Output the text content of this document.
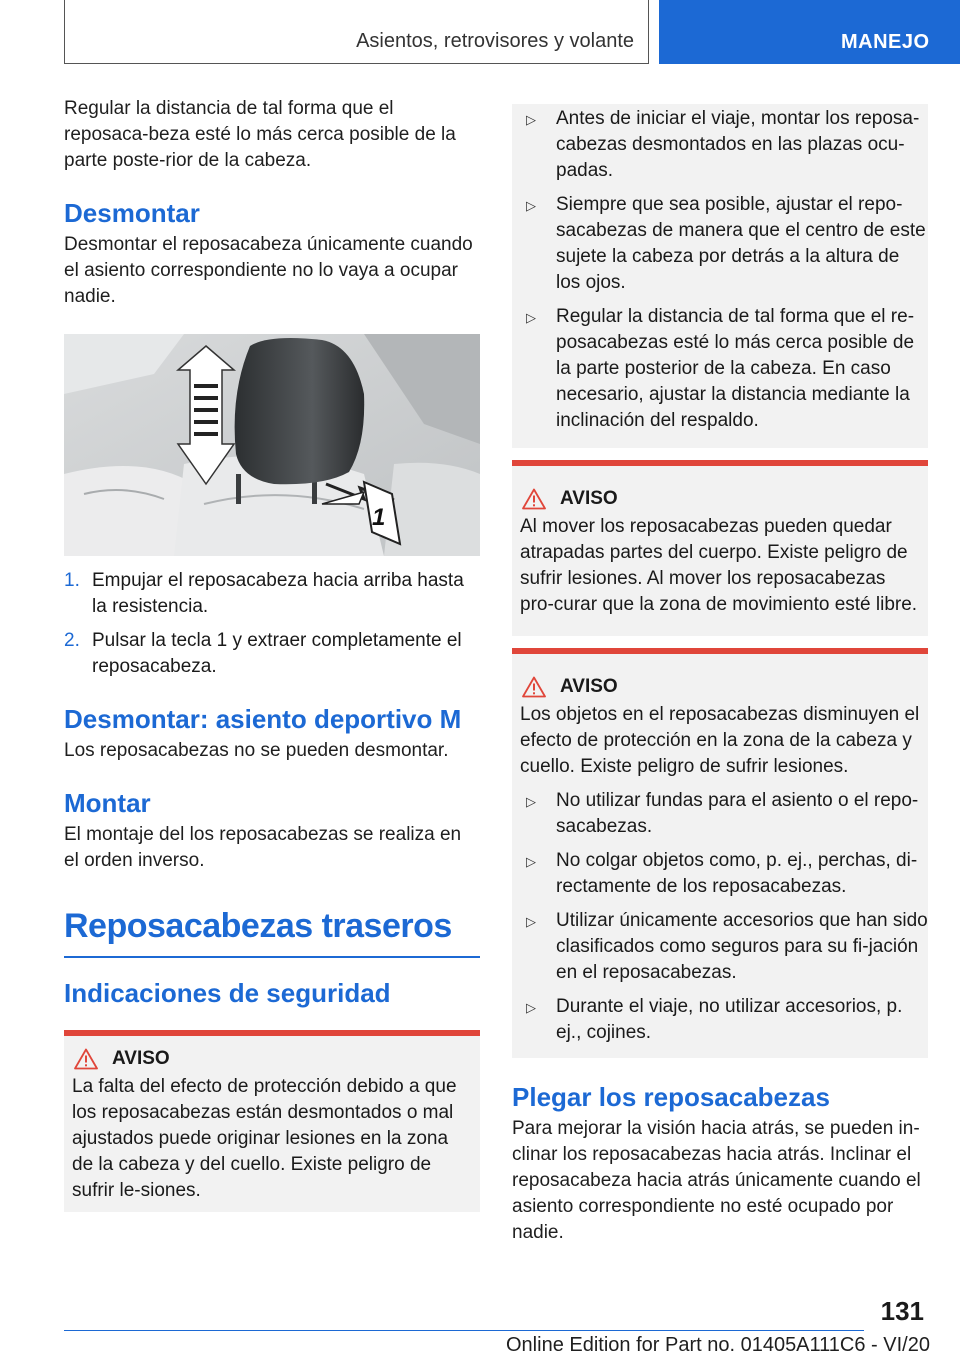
Asientos, retrovisores y volante	MANEJO
Regular la distancia de tal forma que el reposaca-beza esté lo más cerca posible de la parte poste-rior de la cabeza.
Desmontar
Desmontar el reposacabeza únicamente cuando el asiento correspondiente no lo vaya a ocupar nadie.
1
1. Empujar el reposacabeza hacia arriba hasta la resistencia.
2. Pulsar la tecla 1 y extraer completamente el reposacabeza.
Desmontar: asiento deportivo M
Los reposacabezas no se pueden desmontar.
Montar
El montaje del los reposacabezas se realiza en el orden inverso.
Reposacabezas traseros
Indicaciones de seguridad
AVISO
La falta del efecto de protección debido a que los reposacabezas están desmontados o mal ajustados puede originar lesiones en la zona de la cabeza y del cuello. Existe peligro de sufrir le-siones.
▷	Antes de iniciar el viaje, montar los reposa-cabezas desmontados en las plazas ocu-padas.
▷	Siempre que sea posible, ajustar el repo-sacabezas de manera que el centro de este sujete la cabeza por detrás a la altura de los ojos.
▷	Regular la distancia de tal forma que el re-posacabezas esté lo más cerca posible de la parte posterior de la cabeza. En caso necesario, ajustar la distancia mediante la inclinación del respaldo.
AVISO
Al mover los reposacabezas pueden quedar atrapadas partes del cuerpo. Existe peligro de sufrir lesiones. Al mover los reposacabezas pro-curar que la zona de movimiento esté libre.
AVISO
Los objetos en el reposacabezas disminuyen el efecto de protección en la zona de la cabeza y cuello. Existe peligro de sufrir lesiones.
▷	No utilizar fundas para el asiento o el repo-sacabezas.
▷	No colgar objetos como, p. ej., perchas, di-rectamente de los reposacabezas.
▷	Utilizar únicamente accesorios que han sido clasificados como seguros para su fi-jación en el reposacabezas.
▷	Durante el viaje, no utilizar accesorios, p. ej., cojines.
Plegar los reposacabezas
Para mejorar la visión hacia atrás, se pueden in-clinar los reposacabezas hacia atrás. Inclinar el reposacabeza hacia atrás únicamente cuando el asiento correspondiente no esté ocupado por nadie.
131
Online Edition for Part no. 01405A111C6 - VI/20
